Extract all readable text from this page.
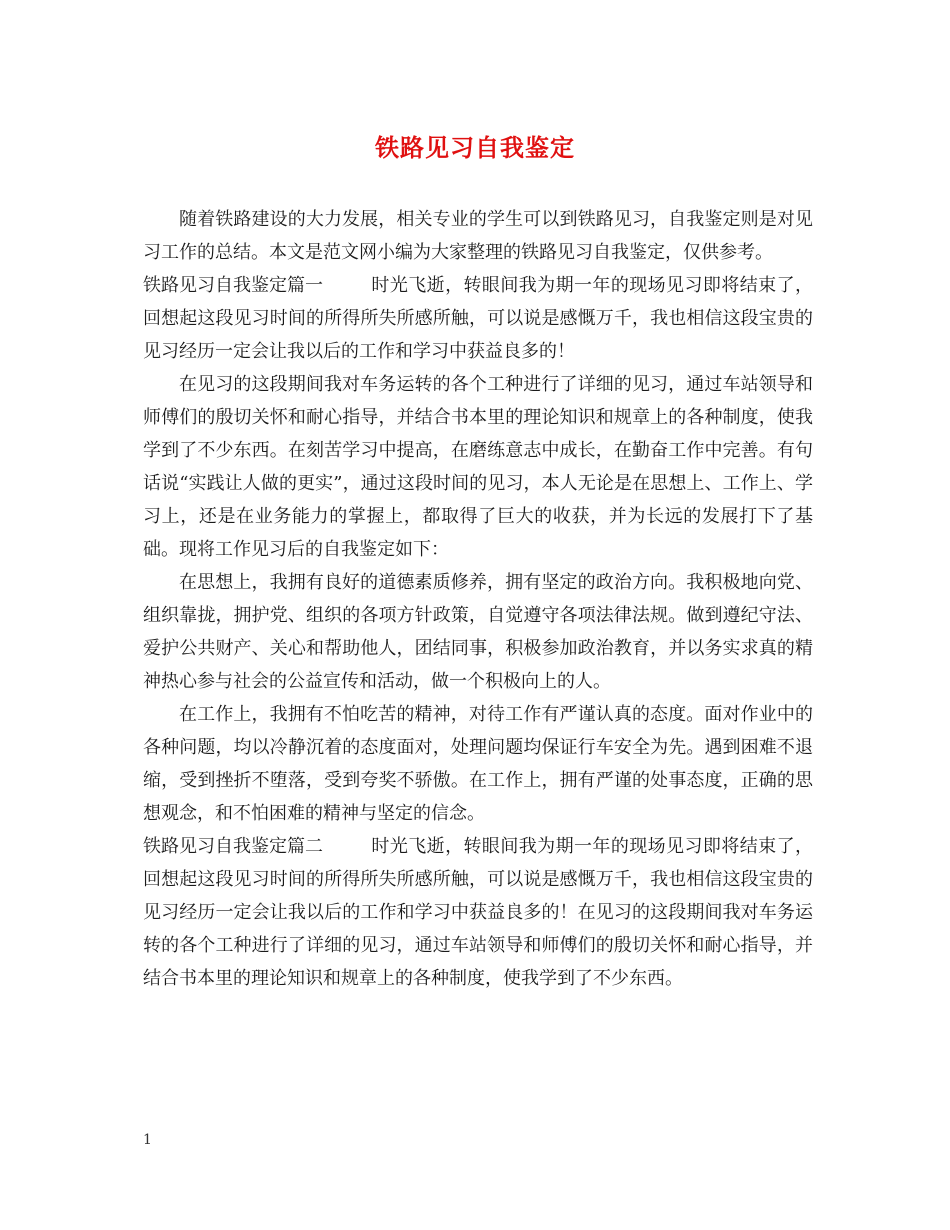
铁路见习自我鉴定

随着铁路建设的大力发展，相关专业的学生可以到铁路见习，自我鉴定则是对见习工作的总结。本文是范文网小编为大家整理的铁路见习自我鉴定，仅供参考。

铁路见习自我鉴定篇一	时光飞逝，转眼间我为期一年的现场见习即将结束了，回想起这段见习时间的所得所失所感所触，可以说是感慨万千，我也相信这段宝贵的见习经历一定会让我以后的工作和学习中获益良多的！

在见习的这段期间我对车务运转的各个工种进行了详细的见习，通过车站领导和师傅们的殷切关怀和耐心指导，并结合书本里的理论知识和规章上的各种制度，使我学到了不少东西。在刻苦学习中提高，在磨练意志中成长，在勤奋工作中完善。有句话说“实践让人做的更实”，通过这段时间的见习，本人无论是在思想上、工作上、学习上，还是在业务能力的掌握上，都取得了巨大的收获，并为长远的发展打下了基础。现将工作见习后的自我鉴定如下：

在思想上，我拥有良好的道德素质修养，拥有坚定的政治方向。我积极地向党、组织靠拢，拥护党、组织的各项方针政策，自觉遵守各项法律法规。做到遵纪守法、爱护公共财产、关心和帮助他人，团结同事，积极参加政治教育，并以务实求真的精神热心参与社会的公益宣传和活动，做一个积极向上的人。

在工作上，我拥有不怕吃苦的精神，对待工作有严谨认真的态度。面对作业中的各种问题，均以冷静沉着的态度面对，处理问题均保证行车安全为先。遇到困难不退缩，受到挫折不堕落，受到夸奖不骄傲。在工作上，拥有严谨的处事态度，正确的思想观念，和不怕困难的精神与坚定的信念。

铁路见习自我鉴定篇二	时光飞逝，转眼间我为期一年的现场见习即将结束了，回想起这段见习时间的所得所失所感所触，可以说是感慨万千，我也相信这段宝贵的见习经历一定会让我以后的工作和学习中获益良多的！在见习的这段期间我对车务运转的各个工种进行了详细的见习，通过车站领导和师傅们的殷切关怀和耐心指导，并结合书本里的理论知识和规章上的各种制度，使我学到了不少东西。

1
